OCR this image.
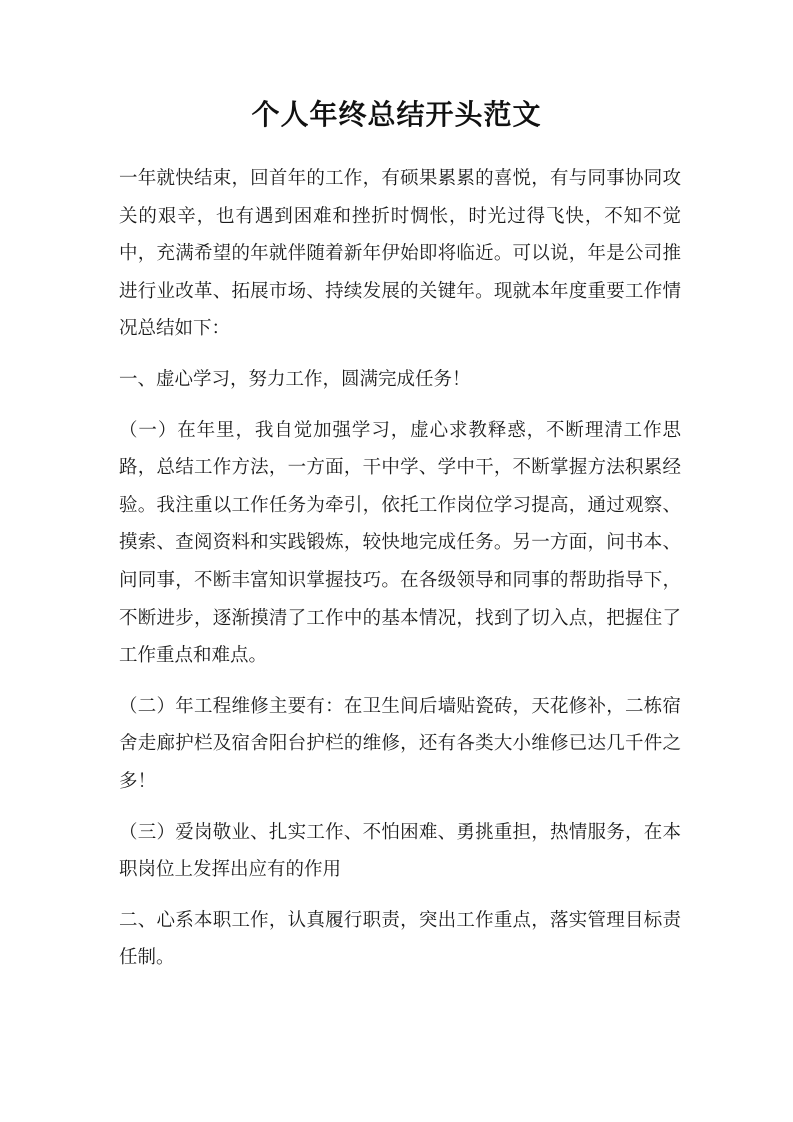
个人年终总结开头范文

一年就快结束，回首年的工作，有硕果累累的喜悦，有与同事协同攻关的艰辛，也有遇到困难和挫折时惆怅，时光过得飞快，不知不觉中，充满希望的年就伴随着新年伊始即将临近。可以说，年是公司推进行业改革、拓展市场、持续发展的关键年。现就本年度重要工作情况总结如下：

一、虚心学习，努力工作，圆满完成任务！

（一）在年里，我自觉加强学习，虚心求教释惑，不断理清工作思路，总结工作方法，一方面，干中学、学中干，不断掌握方法积累经验。我注重以工作任务为牵引，依托工作岗位学习提高，通过观察、摸索、查阅资料和实践锻炼，较快地完成任务。另一方面，问书本、问同事，不断丰富知识掌握技巧。在各级领导和同事的帮助指导下，不断进步，逐渐摸清了工作中的基本情况，找到了切入点，把握住了工作重点和难点。

（二）年工程维修主要有：在卫生间后墙贴瓷砖，天花修补，二栋宿舍走廊护栏及宿舍阳台护栏的维修，还有各类大小维修已达几千件之多！

（三）爱岗敬业、扎实工作、不怕困难、勇挑重担，热情服务，在本职岗位上发挥出应有的作用

二、心系本职工作，认真履行职责，突出工作重点，落实管理目标责任制。
